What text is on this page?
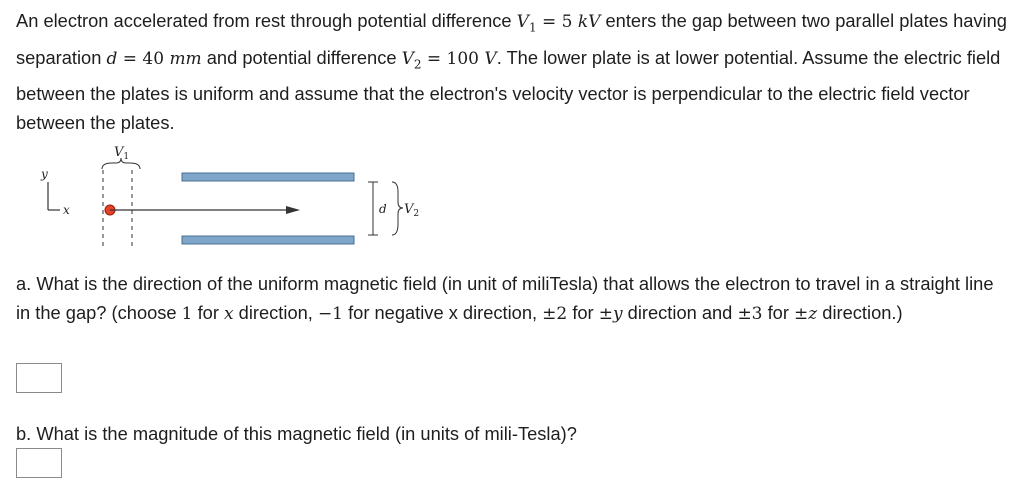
An electron accelerated from rest through potential difference $V_1 = 5$ kV enters the gap between two parallel plates having separation d = 40 mm and potential difference $V_2 = 100$ V. The lower plate is at lower potential. Assume the electric field between the plates is uniform and assume that the electron's velocity vector is perpendicular to the electric field vector between the plates.

y
x
$V_1$
d $V_2$

a. What is the direction of the uniform magnetic field (in unit of miliTesla) that allows the electron to travel in a straight line in the gap? (choose 1 for x direction, −1 for negative x direction, ±2 for ±y direction and ±3 for ±z direction.)

b. What is the magnitude of this magnetic field (in units of mili-Tesla)?
